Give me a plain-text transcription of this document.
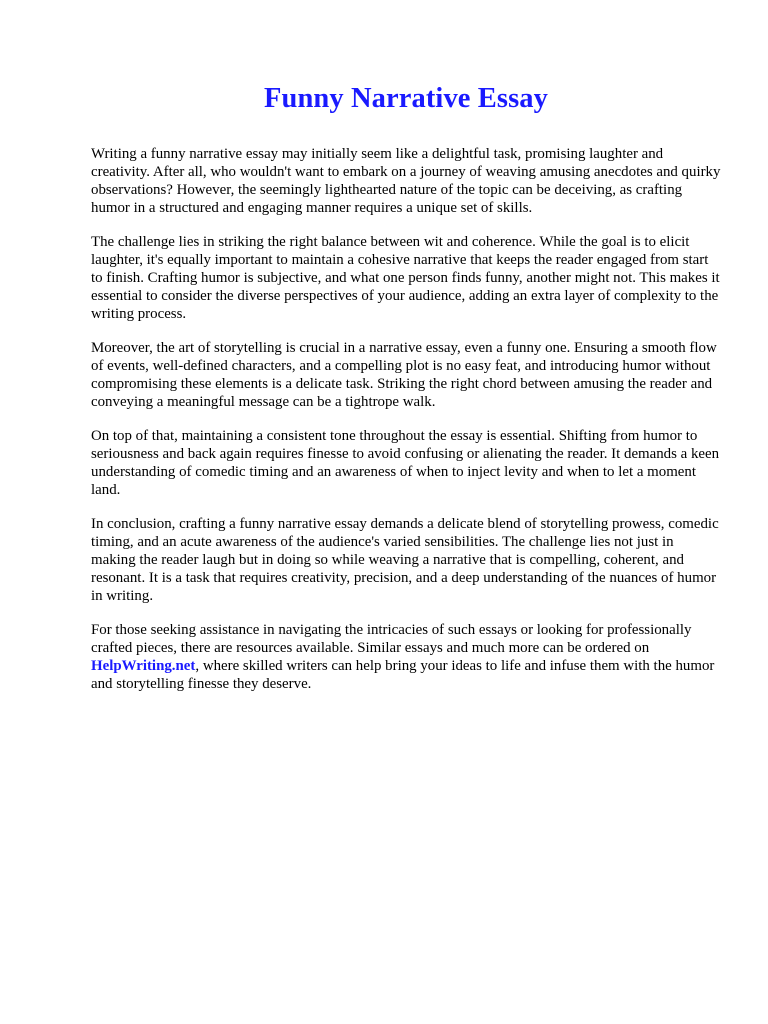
Funny Narrative Essay

Writing a funny narrative essay may initially seem like a delightful task, promising laughter and creativity. After all, who wouldn't want to embark on a journey of weaving amusing anecdotes and quirky observations? However, the seemingly lighthearted nature of the topic can be deceiving, as crafting humor in a structured and engaging manner requires a unique set of skills.

The challenge lies in striking the right balance between wit and coherence. While the goal is to elicit laughter, it's equally important to maintain a cohesive narrative that keeps the reader engaged from start to finish. Crafting humor is subjective, and what one person finds funny, another might not. This makes it essential to consider the diverse perspectives of your audience, adding an extra layer of complexity to the writing process.

Moreover, the art of storytelling is crucial in a narrative essay, even a funny one. Ensuring a smooth flow of events, well-defined characters, and a compelling plot is no easy feat, and introducing humor without compromising these elements is a delicate task. Striking the right chord between amusing the reader and conveying a meaningful message can be a tightrope walk.

On top of that, maintaining a consistent tone throughout the essay is essential. Shifting from humor to seriousness and back again requires finesse to avoid confusing or alienating the reader. It demands a keen understanding of comedic timing and an awareness of when to inject levity and when to let a moment land.

In conclusion, crafting a funny narrative essay demands a delicate blend of storytelling prowess, comedic timing, and an acute awareness of the audience's varied sensibilities. The challenge lies not just in making the reader laugh but in doing so while weaving a narrative that is compelling, coherent, and resonant. It is a task that requires creativity, precision, and a deep understanding of the nuances of humor in writing.

For those seeking assistance in navigating the intricacies of such essays or looking for professionally crafted pieces, there are resources available. Similar essays and much more can be ordered on HelpWriting.net, where skilled writers can help bring your ideas to life and infuse them with the humor and storytelling finesse they deserve.
